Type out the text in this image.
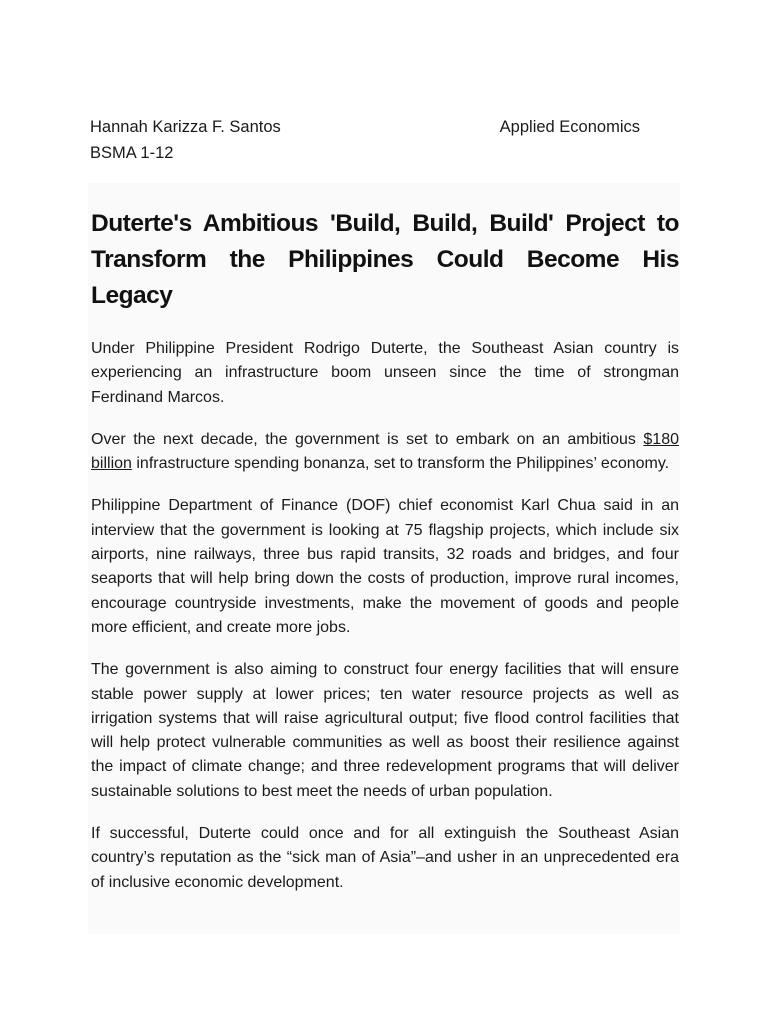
Hannah Karizza F. Santos	Applied Economics
BSMA 1-12
Duterte's Ambitious 'Build, Build, Build' Project to Transform the Philippines Could Become His Legacy

Under Philippine President Rodrigo Duterte, the Southeast Asian country is experiencing an infrastructure boom unseen since the time of strongman Ferdinand Marcos.

Over the next decade, the government is set to embark on an ambitious $180 billion infrastructure spending bonanza, set to transform the Philippines’ economy.

Philippine Department of Finance (DOF) chief economist Karl Chua said in an interview that the government is looking at 75 flagship projects, which include six airports, nine railways, three bus rapid transits, 32 roads and bridges, and four seaports that will help bring down the costs of production, improve rural incomes, encourage countryside investments, make the movement of goods and people more efficient, and create more jobs.

The government is also aiming to construct four energy facilities that will ensure stable power supply at lower prices; ten water resource projects as well as irrigation systems that will raise agricultural output; five flood control facilities that will help protect vulnerable communities as well as boost their resilience against the impact of climate change; and three redevelopment programs that will deliver sustainable solutions to best meet the needs of urban population.

If successful, Duterte could once and for all extinguish the Southeast Asian country’s reputation as the “sick man of Asia”–and usher in an unprecedented era of inclusive economic development.
